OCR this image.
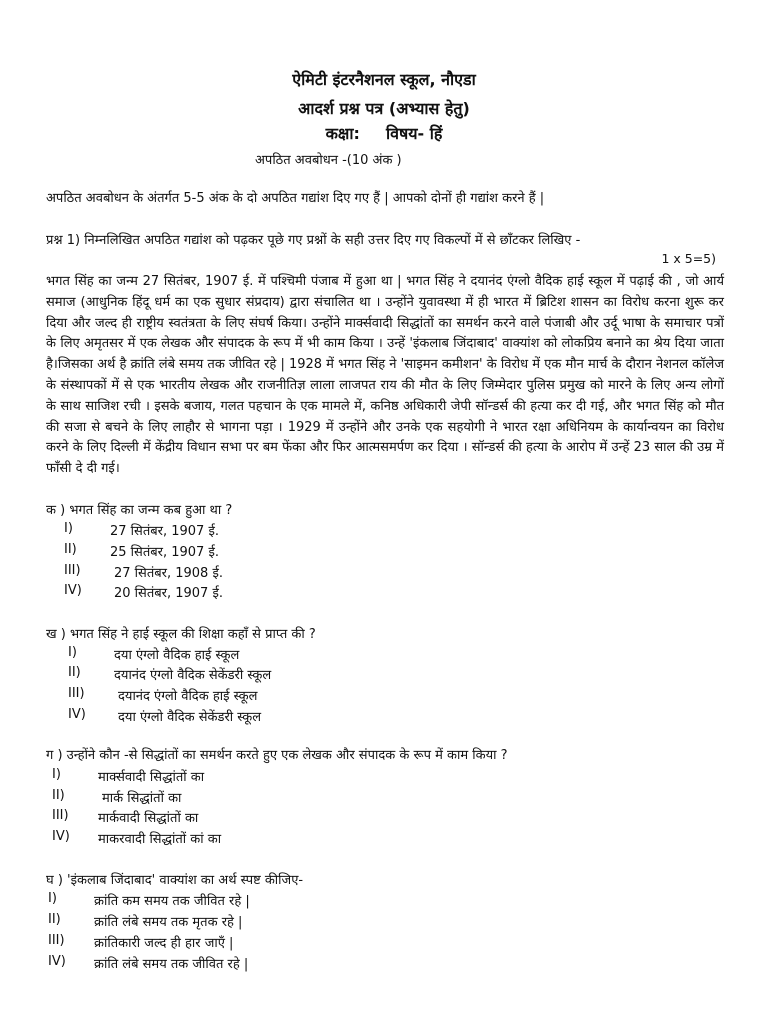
ऐमिटी इंटरनैशनल स्कूल, नौएडा
आदर्श प्रश्न पत्र (अभ्यास हेतु)
कक्षा: विषय- हिं
अपठित अवबोधन -(10 अंक )
अपठित अवबोधन के अंतर्गत 5-5 अंक के दो अपठित गद्यांश दिए गए हैं | आपको दोनों ही गद्यांश करने हैं |
प्रश्न 1) निम्नलिखित अपठित गद्यांश को पढ़कर पूछे गए प्रश्नों के सही उत्तर दिए गए विकल्पों में से छाँटकर लिखिए -
1 x 5=5)
भगत सिंह का जन्म 27 सितंबर, 1907 ई. में पश्चिमी पंजाब में हुआ था | भगत सिंह ने दयानंद एंग्लो वैदिक हाई स्कूल में पढ़ाई की , जो आर्य समाज (आधुनिक हिंदू धर्म का एक सुधार संप्रदाय) द्वारा संचालित था । उन्होंने युवावस्था में ही भारत में ब्रिटिश शासन का विरोध करना शुरू कर दिया और जल्द ही राष्ट्रीय स्वतंत्रता के लिए संघर्ष किया। उन्होंने मार्क्सवादी सिद्धांतों का समर्थन करने वाले पंजाबी और उर्दू भाषा के समाचार पत्रों के लिए अमृतसर में एक लेखक और संपादक के रूप में भी काम किया । उन्हें 'इंकलाब जिंदाबाद' वाक्यांश को लोकप्रिय बनाने का श्रेय दिया जाता है।जिसका अर्थ है क्रांति लंबे समय तक जीवित रहे | 1928 में भगत सिंह ने 'साइमन कमीशन' के विरोध में एक मौन मार्च के दौरान नेशनल कॉलेज के संस्थापकों में से एक भारतीय लेखक और राजनीतिज्ञ लाला लाजपत राय की मौत के लिए जिम्मेदार पुलिस प्रमुख को मारने के लिए अन्य लोगों के साथ साजिश रची । इसके बजाय, गलत पहचान के एक मामले में, कनिष्ठ अधिकारी जेपी सॉन्डर्स की हत्या कर दी गई, और भगत सिंह को मौत की सजा से बचने के लिए लाहौर से भागना पड़ा । 1929 में उन्होंने और उनके एक सहयोगी ने भारत रक्षा अधिनियम के कार्यान्वयन का विरोध करने के लिए दिल्ली में केंद्रीय विधान सभा पर बम फेंका और फिर आत्मसमर्पण कर दिया । सॉन्डर्स की हत्या के आरोप में उन्हें 23 साल की उम्र में फाँसी दे दी गई।
क ) भगत सिंह का जन्म कब हुआ था ?
I)	27 सितंबर, 1907 ई.
II)	25 सितंबर, 1907 ई.
III)	27 सितंबर, 1908 ई.
IV) 20 सितंबर, 1907 ई.
ख ) भगत सिंह ने हाई स्कूल की शिक्षा कहाँ से प्राप्त की ?
I)	दया एंग्लो वैदिक हाई स्कूल
II)	दयानंद एंग्लो वैदिक सेकेंडरी स्कूल
III)	दयानंद एंग्लो वैदिक हाई स्कूल
IV) दया एंग्लो वैदिक सेकेंडरी स्कूल
ग ) उन्होंने कौन -से सिद्धांतों का समर्थन करते हुए एक लेखक और संपादक के रूप में काम किया ?
I)	मार्क्सवादी सिद्धांतों का
II)	मार्क सिद्धांतों का
III) मार्कवादी सिद्धांतों का
IV) माकरवादी सिद्धांतों कां का
घ ) 'इंकलाब जिंदाबाद' वाक्यांश का अर्थ स्पष्ट कीजिए-
I)	क्रांति कम समय तक जीवित रहे |
II)	क्रांति लंबे समय तक मृतक रहे |
III) क्रांतिकारी जल्द ही हार जाएँ |
IV) क्रांति लंबे समय तक जीवित रहे |
